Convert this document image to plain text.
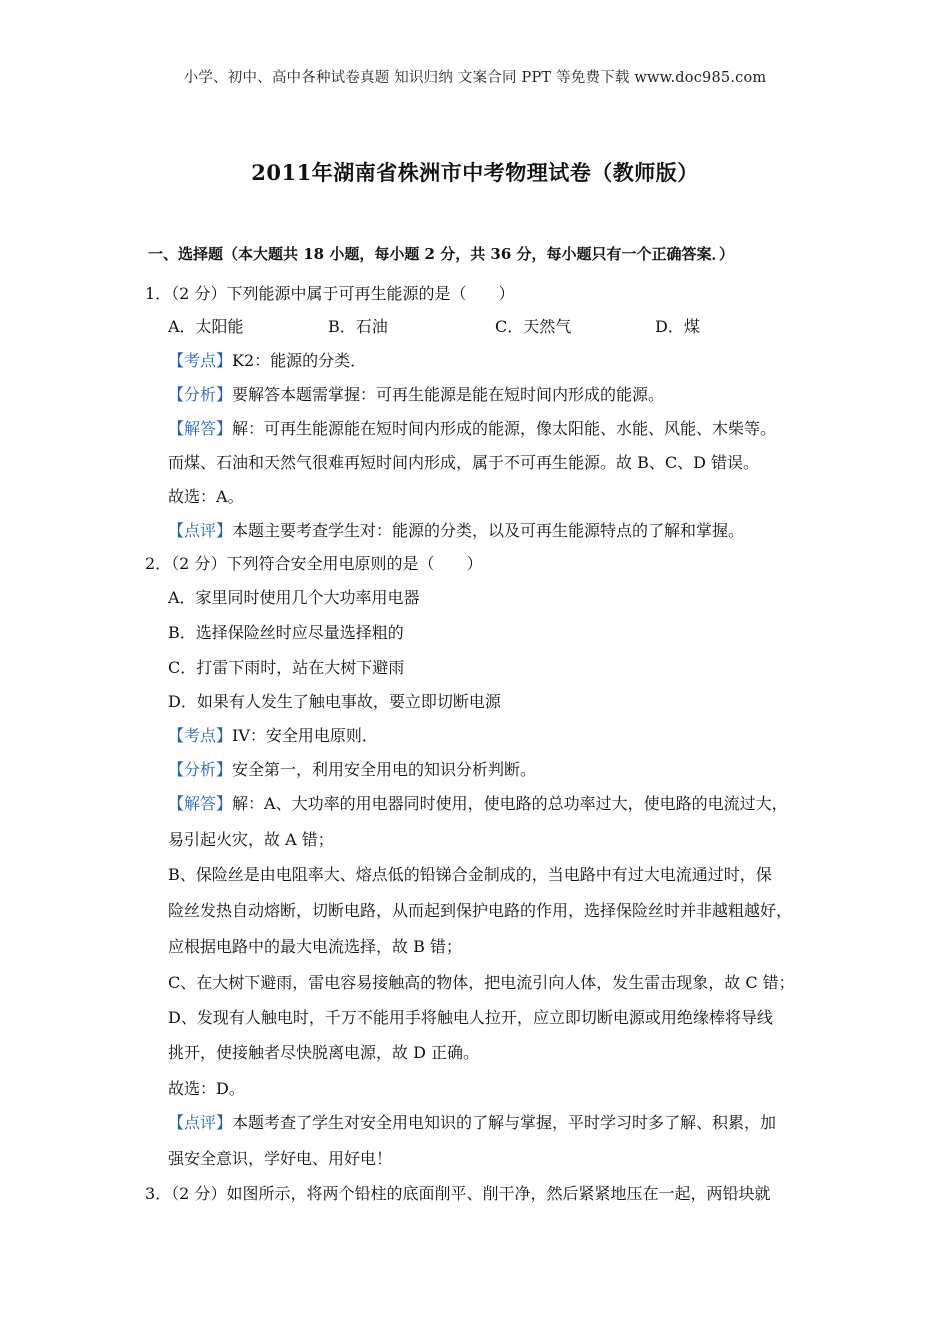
小学、初中、高中各种试卷真题 知识归纳 文案合同 PPT 等免费下载 www.doc985.com
2011年湖南省株洲市中考物理试卷（教师版）
一、选择题（本大题共 18 小题，每小题 2 分，共 36 分，每小题只有一个正确答案．）
1．（2 分）下列能源中属于可再生能源的是（　　）
A．太阳能	B．石油	C．天然气	D．煤
【考点】K2：能源的分类．
【分析】要解答本题需掌握：可再生能源是能在短时间内形成的能源。
【解答】解：可再生能源能在短时间内形成的能源，像太阳能、水能、风能、木柴等。
而煤、石油和天然气很难再短时间内形成，属于不可再生能源。故 B、C、D 错误。
故选：A。
【点评】本题主要考查学生对：能源的分类，以及可再生能源特点的了解和掌握。
2．（2 分）下列符合安全用电原则的是（　　）
A．家里同时使用几个大功率用电器
B．选择保险丝时应尽量选择粗的
C．打雷下雨时，站在大树下避雨
D．如果有人发生了触电事故，要立即切断电源
【考点】IV：安全用电原则．
【分析】安全第一，利用安全用电的知识分析判断。
【解答】解：A、大功率的用电器同时使用，使电路的总功率过大，使电路的电流过大，
易引起火灾，故 A 错；
B、保险丝是由电阻率大、熔点低的铅锑合金制成的，当电路中有过大电流通过时，保
险丝发热自动熔断，切断电路，从而起到保护电路的作用，选择保险丝时并非越粗越好，
应根据电路中的最大电流选择，故 B 错；
C、在大树下避雨，雷电容易接触高的物体，把电流引向人体，发生雷击现象，故 C 错；
D、发现有人触电时，千万不能用手将触电人拉开，应立即切断电源或用绝缘棒将导线
挑开，使接触者尽快脱离电源，故 D 正确。
故选：D。
【点评】本题考查了学生对安全用电知识的了解与掌握，平时学习时多了解、积累，加
强安全意识，学好电、用好电！
3．（2 分）如图所示，将两个铅柱的底面削平、削干净，然后紧紧地压在一起，两铅块就
